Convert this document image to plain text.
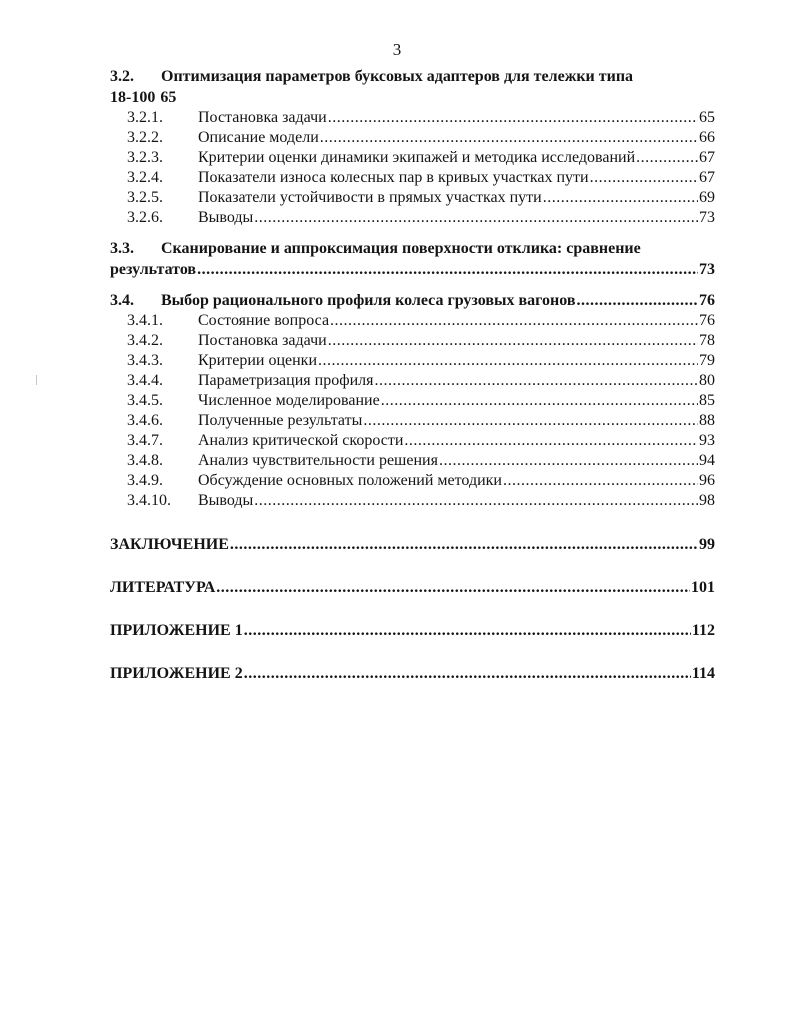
3
3.2.	Оптимизация параметров буксовых адаптеров для тележки типа
18-100 65
3.2.1.	Постановка задачи .....	65
3.2.2.	Описание модели .....	66
3.2.3.	Критерии оценки динамики экипажей и методика исследований .....	67
3.2.4.	Показатели износа колесных пар в кривых участках пути .....	67
3.2.5.	Показатели устойчивости в прямых участках пути .....	69
3.2.6.	Выводы .....	73
3.3.	Сканирование и аппроксимация поверхности отклика: сравнение
результатов .....	73
3.4.	Выбор рационального профиля колеса грузовых вагонов .....	76
3.4.1.	Состояние вопроса .....	76
3.4.2.	Постановка задачи .....	78
3.4.3.	Критерии оценки .....	79
3.4.4.	Параметризация профиля .....	80
3.4.5.	Численное моделирование .....	85
3.4.6.	Полученные результаты .....	88
3.4.7.	Анализ критической скорости .....	93
3.4.8.	Анализ чувствительности решения .....	94
3.4.9.	Обсуждение основных положений методики .....	96
3.4.10.	Выводы .....	98
ЗАКЛЮЧЕНИЕ .....	99
ЛИТЕРАТУРА .....	101
ПРИЛОЖЕНИЕ 1 .....	112
ПРИЛОЖЕНИЕ 2 .....	114
